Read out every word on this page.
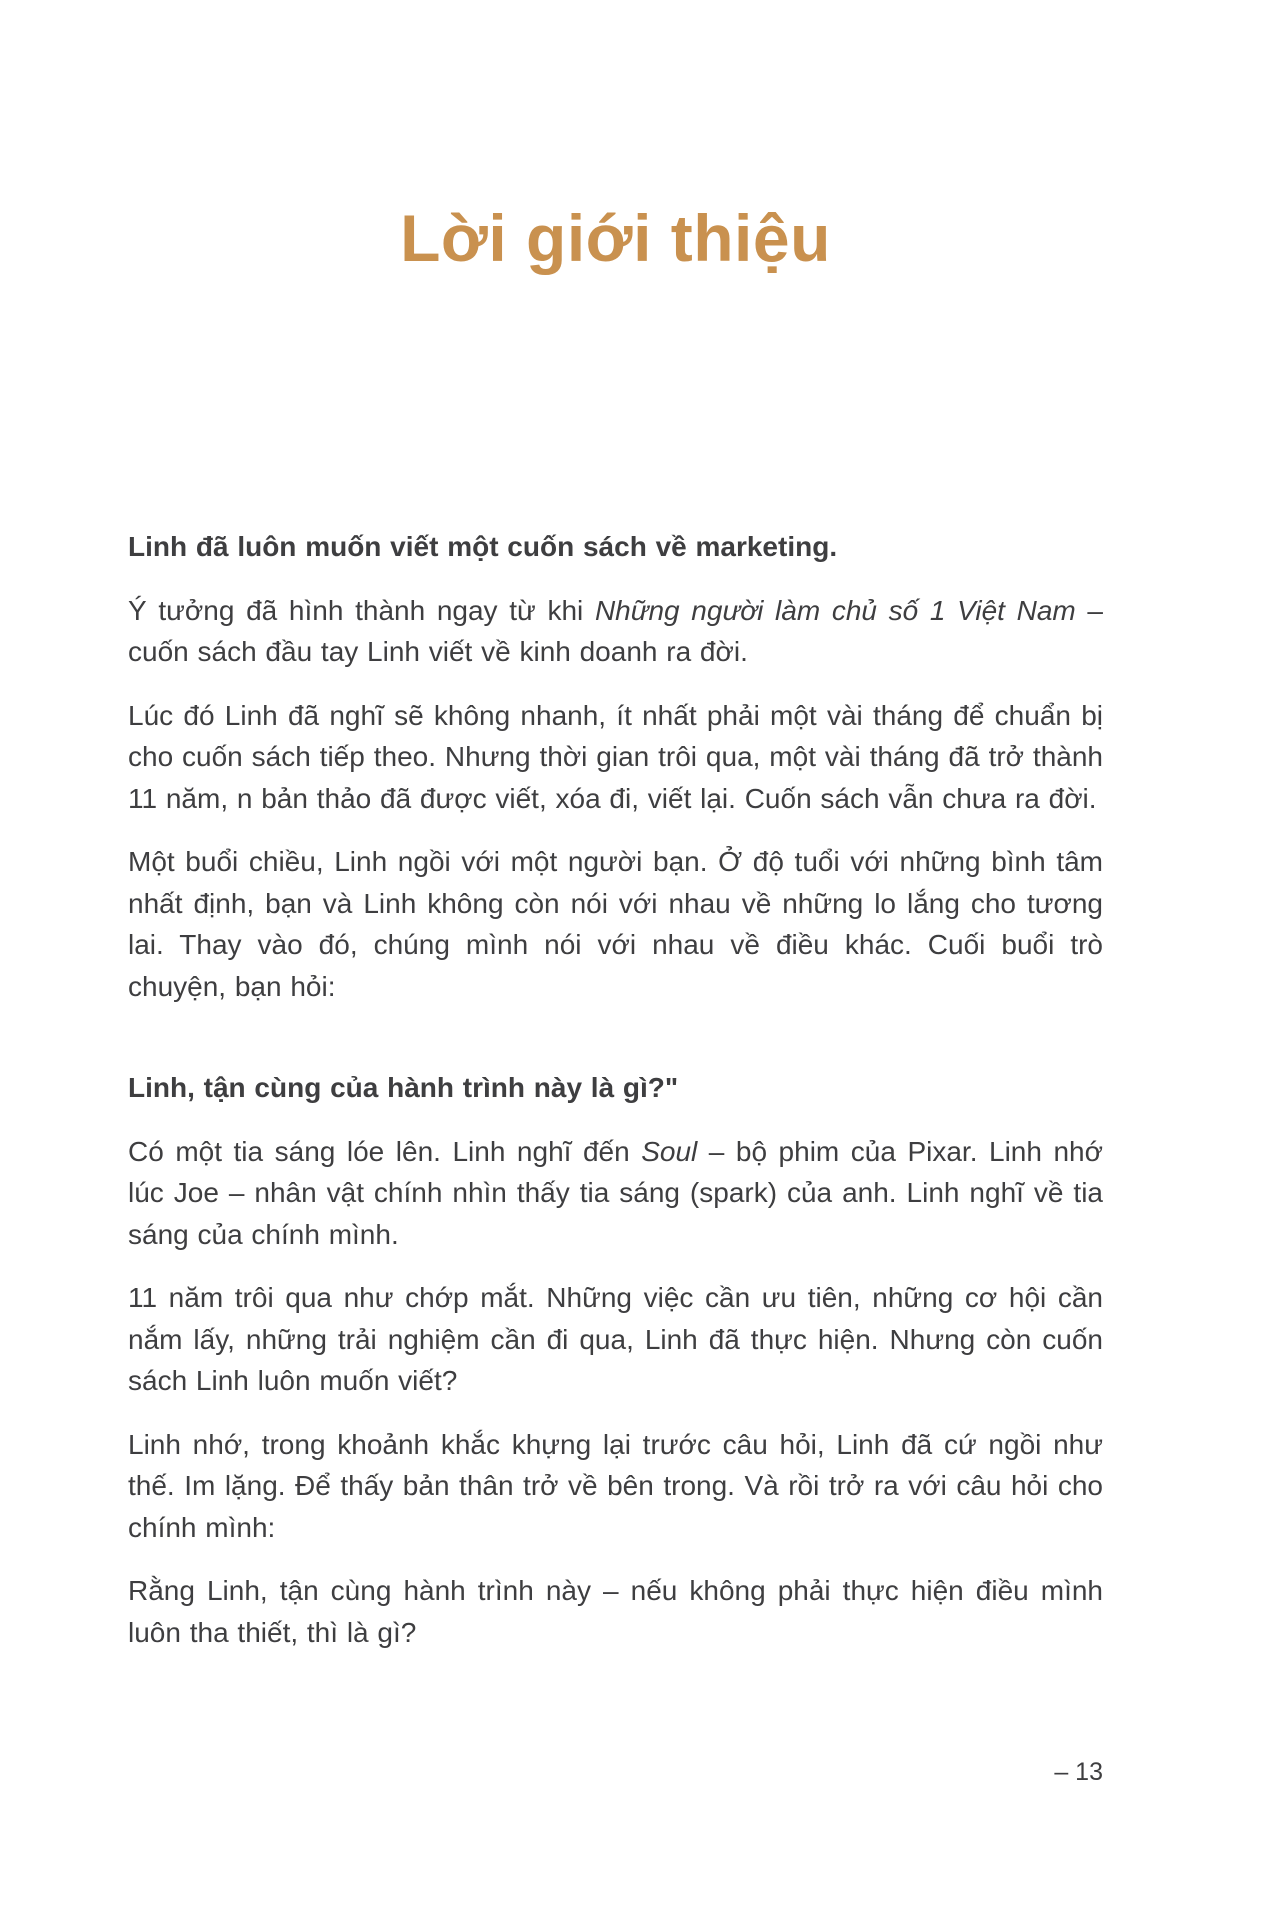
Lời giới thiệu

Linh đã luôn muốn viết một cuốn sách về marketing.

Ý tưởng đã hình thành ngay từ khi Những người làm chủ số 1 Việt Nam – cuốn sách đầu tay Linh viết về kinh doanh ra đời.

Lúc đó Linh đã nghĩ sẽ không nhanh, ít nhất phải một vài tháng để chuẩn bị cho cuốn sách tiếp theo. Nhưng thời gian trôi qua, một vài tháng đã trở thành 11 năm, n bản thảo đã được viết, xóa đi, viết lại. Cuốn sách vẫn chưa ra đời.

Một buổi chiều, Linh ngồi với một người bạn. Ở độ tuổi với những bình tâm nhất định, bạn và Linh không còn nói với nhau về những lo lắng cho tương lai. Thay vào đó, chúng mình nói với nhau về điều khác. Cuối buổi trò chuyện, bạn hỏi:

Linh, tận cùng của hành trình này là gì?"

Có một tia sáng lóe lên. Linh nghĩ đến Soul – bộ phim của Pixar. Linh nhớ lúc Joe – nhân vật chính nhìn thấy tia sáng (spark) của anh. Linh nghĩ về tia sáng của chính mình.

11 năm trôi qua như chớp mắt. Những việc cần ưu tiên, những cơ hội cần nắm lấy, những trải nghiệm cần đi qua, Linh đã thực hiện. Nhưng còn cuốn sách Linh luôn muốn viết?

Linh nhớ, trong khoảnh khắc khựng lại trước câu hỏi, Linh đã cứ ngồi như thế. Im lặng. Để thấy bản thân trở về bên trong. Và rồi trở ra với câu hỏi cho chính mình:

Rằng Linh, tận cùng hành trình này – nếu không phải thực hiện điều mình luôn tha thiết, thì là gì?

– 13
